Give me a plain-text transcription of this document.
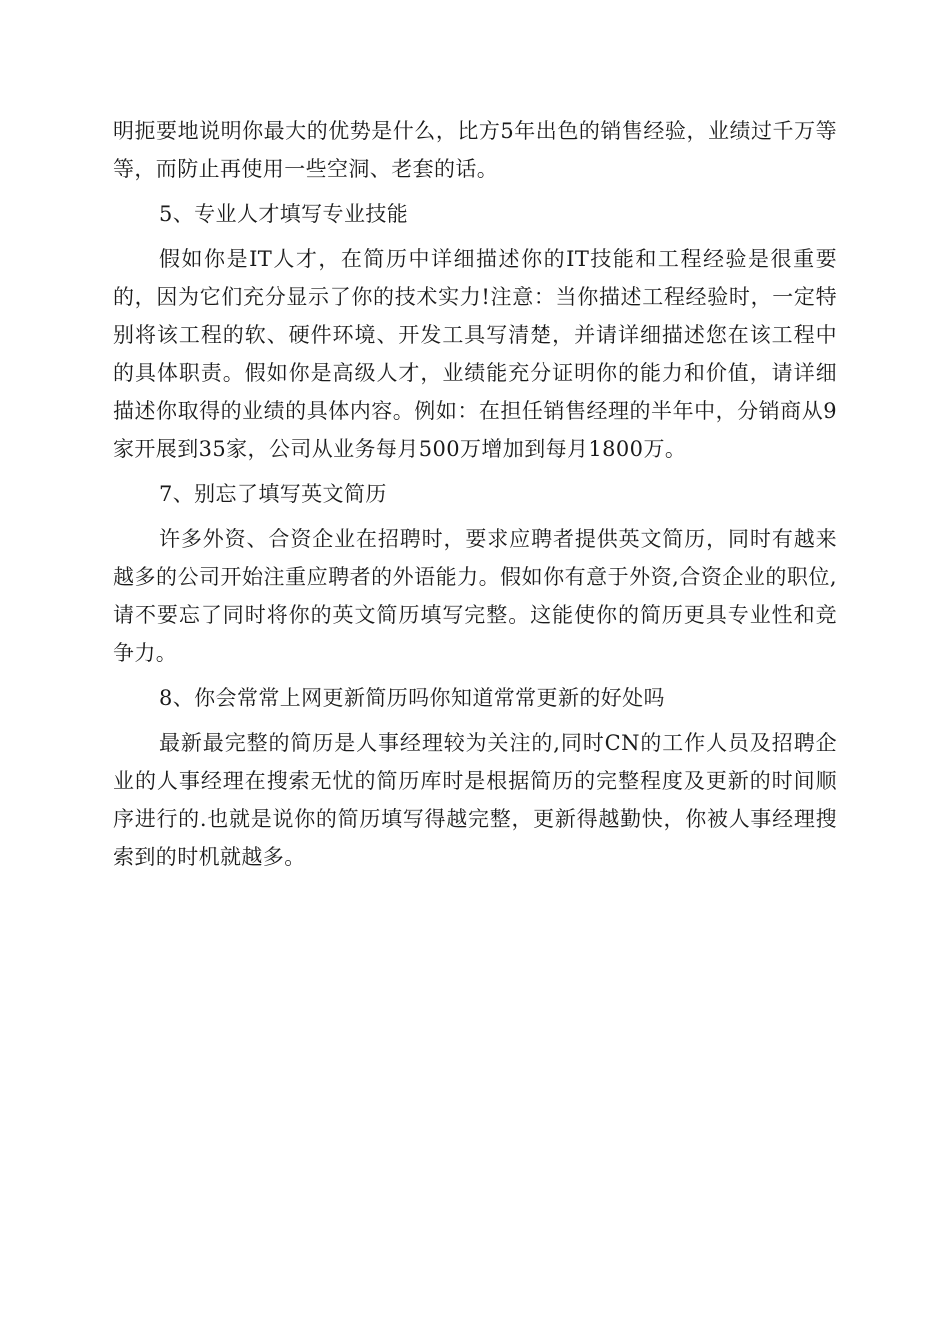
明扼要地说明你最大的优势是什么，比方5年出色的销售经验，业绩过千万等等，而防止再使用一些空洞、老套的话。

5、专业人才填写专业技能

假如你是IT人才，在简历中详细描述你的IT技能和工程经验是很重要的，因为它们充分显示了你的技术实力!注意：当你描述工程经验时，一定特别将该工程的软、硬件环境、开发工具写清楚，并请详细描述您在该工程中的具体职责。假如你是高级人才，业绩能充分证明你的能力和价值，请详细描述你取得的业绩的具体内容。例如：在担任销售经理的半年中，分销商从9家开展到35家，公司从业务每月500万增加到每月1800万。

7、别忘了填写英文简历

许多外资、合资企业在招聘时，要求应聘者提供英文简历，同时有越来越多的公司开始注重应聘者的外语能力。假如你有意于外资,合资企业的职位,请不要忘了同时将你的英文简历填写完整。这能使你的简历更具专业性和竞争力。

8、你会常常上网更新简历吗你知道常常更新的好处吗

最新最完整的简历是人事经理较为关注的,同时CN的工作人员及招聘企业的人事经理在搜索无忧的简历库时是根据简历的完整程度及更新的时间顺序进行的.也就是说你的简历填写得越完整，更新得越勤快，你被人事经理搜索到的时机就越多。
